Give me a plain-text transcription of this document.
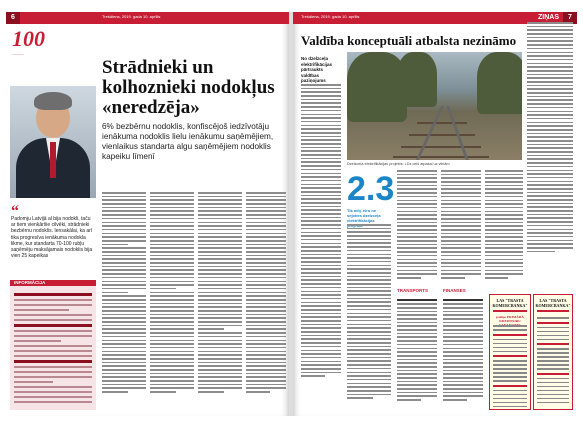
6	Trešdiena, 2019. gada 10. aprīlis
100
~~~~~
Strādnieki un kolhoznieki nodokļus «neredzēja»
6% bezbērnu nodoklis, konfiscējoš iedzīvotāju ienākuma nodoklis lielu ienākumu saņēmējiem, vienlaikus standarta algu saņēmējiem nodoklis kapeiku līmenī
“
Padomju Latvijā al bija nodokli, taču ar tiem vienkāršie cilvēki, strādnieki bezbērnu nodoklis. Iensakālai, ka arī tika progresīva ienākuma nodokla likme, kur standarta 70-100 rubļu saņēmēju maksājamais nodoklis bija vien 25 kapeikas
INFORMĀCIJA
Trešdiena, 2019. gada 10. aprīlis	ZIŅAS	7
Valdība konceptuāli atbalsta nezināmo
No dzelzceļa elektrifikācijas pārtraukts valdības paziņojums
Dzelzceļa elektrifikācijas projekts: LDz ceļš atpakaļ uz vilnām
2.3
Tik milj. eiro ne sejoties dzelzceļa elektrifikācijas
TRANSPORTS	FINANSES
LAS "TRASTA KOMERCBANKA"
paziņo PRIMĀRĀ KREDITORU
LAS "TRASTA KOMERCBANKA"
